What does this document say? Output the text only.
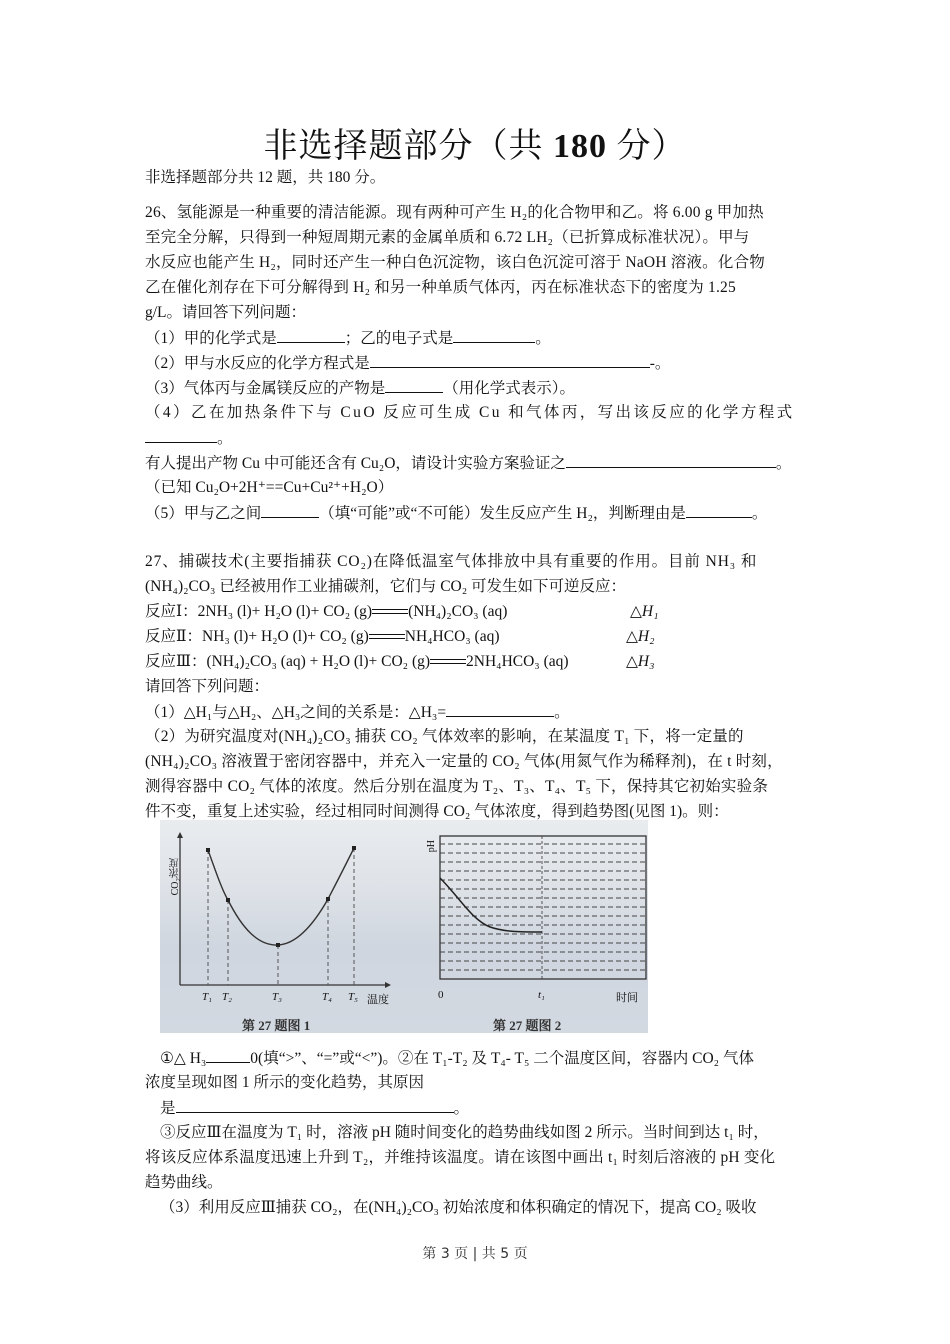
非选择题部分（共 180 分）
非选择题部分共 12 题，共 180 分。
26、氢能源是一种重要的清洁能源。现有两种可产生 H₂的化合物甲和乙。将 6.00 g 甲加热
至完全分解，只得到一种短周期元素的金属单质和 6.72 LH₂（已折算成标准状况）。甲与
水反应也能产生 H₂，同时还产生一种白色沉淀物，该白色沉淀可溶于 NaOH 溶液。化合物
乙在催化剂存在下可分解得到 H₂ 和另一种单质气体丙，丙在标准状态下的密度为 1.25
g/L。请回答下列问题：
（1）甲的化学式是	；乙的电子式是	。
（2）甲与水反应的化学方程式是	-。
（3）气体丙与金属镁反应的产物是	（用化学式表示）。
（4）乙在加热条件下与 CuO 反应可生成 Cu 和气体丙，写出该反应的化学方程式
。
有人提出产物 Cu 中可能还含有 Cu₂O，请设计实验方案验证之	。
（已知 Cu₂O+2H⁺==Cu+Cu²⁺+H₂O）
（5）甲与乙之间	（填“可能”或“不可能）发生反应产生 H₂，判断理由是	。
27、捕碳技术(主要指捕获 CO₂)在降低温室气体排放中具有重要的作用。目前 NH₃ 和
(NH₄)₂CO₃ 已经被用作工业捕碳剂，它们与 CO₂ 可发生如下可逆反应：
反应Ⅰ：2NH₃ (l)+ H₂O (l)+ CO₂ (g) (NH₄)₂CO₃ (aq)	△H₁
反应Ⅱ：NH₃ (l)+ H₂O (l)+ CO₂ (g) NH₄HCO₃ (aq)	△H₂
反应Ⅲ：(NH₄)₂CO₃ (aq) + H₂O (l)+ CO₂ (g) 2NH₄HCO₃ (aq)	△H₃
请回答下列问题：
（1）△H₁与△H₂、△H₃之间的关系是：△H₃=	。
（2）为研究温度对(NH₄)₂CO₃ 捕获 CO₂ 气体效率的影响，在某温度 T₁ 下，将一定量的
(NH₄)₂CO₃ 溶液置于密闭容器中，并充入一定量的 CO₂ 气体(用氮气作为稀释剂)，在 t 时刻，
测得容器中 CO₂ 气体的浓度。然后分别在温度为 T₂、T₃、T₄、T₅ 下，保持其它初始实验条
件不变，重复上述实验，经过相同时间测得 CO₂ 气体浓度，得到趋势图(见图 1)。则：
CO₂浓度
T₁ T₂	T₃	T₄ T₅ 温度
第 27 题图 1
pH
0	t₁	时间
第 27 题图 2
①△ H₃	0(填“>”、“=”或“<”)。②在 T₁-T₂ 及 T₄- T₅ 二个温度区间，容器内 CO₂ 气体
浓度呈现如图 1 所示的变化趋势，其原因
是	。
③反应Ⅲ在温度为 T₁ 时，溶液 pH 随时间变化的趋势曲线如图 2 所示。当时间到达 t₁ 时，
将该反应体系温度迅速上升到 T₂，并维持该温度。请在该图中画出 t₁ 时刻后溶液的 pH 变化
趋势曲线。
（3）利用反应Ⅲ捕获 CO₂，在(NH₄)₂CO₃ 初始浓度和体积确定的情况下，提高 CO₂ 吸收
第 3 页 | 共 5 页
